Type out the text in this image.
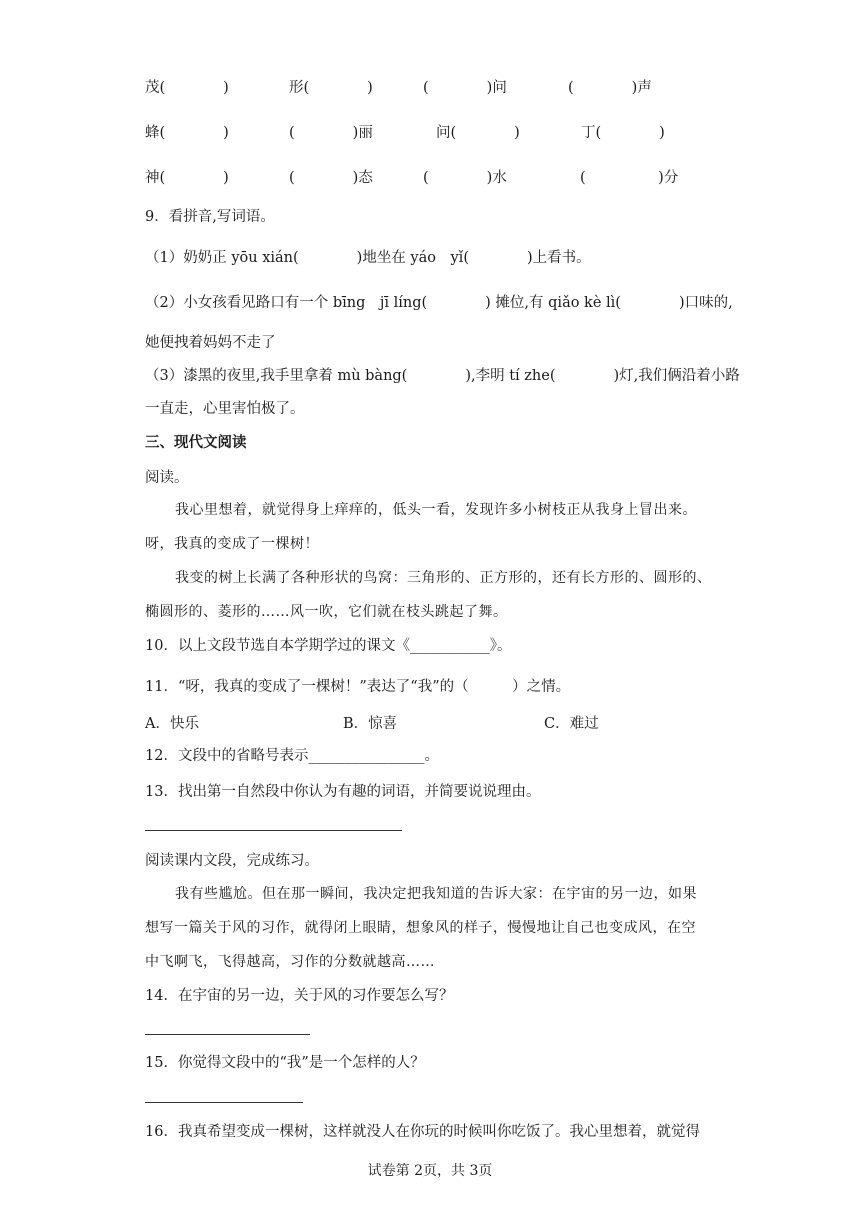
茂(　　　　)	形(　　　　)	(　　　　)问	(　　　　)声
蜂(　　　　)	(　　　　)丽	问(　　　　)	丁(　　　　)
神(　　　　)	(　　　　)态	(　　　　)水	(　　　　　)分
9．看拼音,写词语。
（1）奶奶正 yōu xián(　　　　)地坐在 yáo　yǐ(　　　　)上看书。
（2）小女孩看见路口有一个 bīng　jī líng(　　　　) 摊位,有 qiǎo kè lì(　　　　)口味的,
她便拽着妈妈不走了
（3）漆黑的夜里,我手里拿着 mù bàng(　　　　),李明 tí zhe(　　　　)灯,我们俩沿着小路
一直走，心里害怕极了。
三、现代文阅读
阅读。
我心里想着，就觉得身上痒痒的，低头一看，发现许多小树枝正从我身上冒出来。
呀，我真的变成了一棵树！
我变的树上长满了各种形状的鸟窝：三角形的、正方形的，还有长方形的、圆形的、
椭圆形的、菱形的……风一吹，它们就在枝头跳起了舞。
10．以上文段节选自本学期学过的课文《___________》。
11．“呀，我真的变成了一棵树！”表达了“我”的（　　　）之情。
A．快乐	B．惊喜	C．难过
12．文段中的省略号表示________________。
13．找出第一自然段中你认为有趣的词语，并简要说说理由。
阅读课内文段，完成练习。
我有些尴尬。但在那一瞬间，我决定把我知道的告诉大家：在宇宙的另一边，如果
想写一篇关于风的习作，就得闭上眼睛，想象风的样子，慢慢地让自己也变成风，在空
中飞啊飞，飞得越高，习作的分数就越高……
14．在宇宙的另一边，关于风的习作要怎么写？
15．你觉得文段中的“我”是一个怎样的人？
16．我真希望变成一棵树，这样就没人在你玩的时候叫你吃饭了。我心里想着，就觉得
试卷第 2页，共 3页
